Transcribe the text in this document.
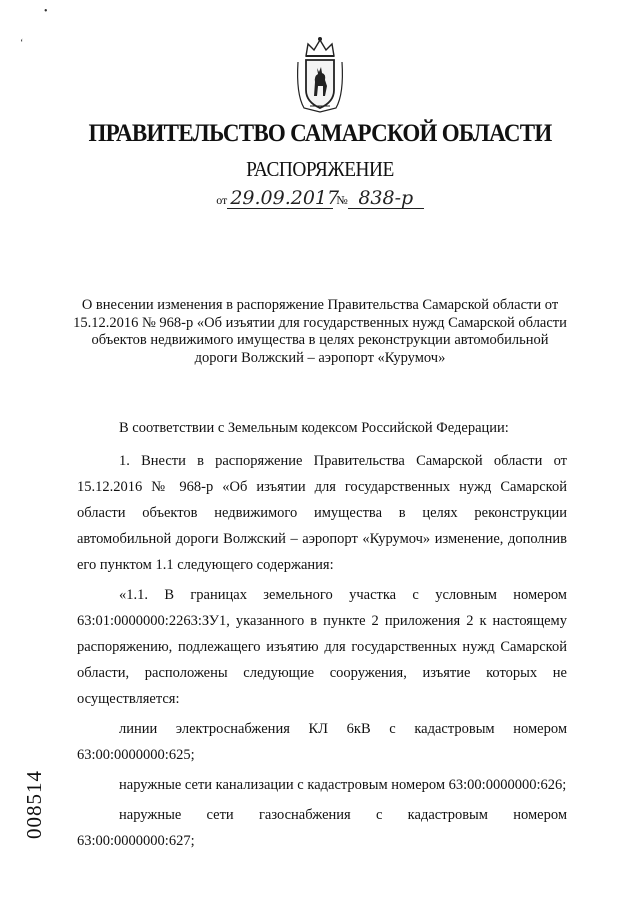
•
‘
ПРАВИТЕЛЬСТВО САМАРСКОЙ ОБЛАСТИ
РАСПОРЯЖЕНИЕ
от 29.09.2017 № 838-р
О внесении изменения в распоряжение Правительства Самарской области от 15.12.2016 № 968-р «Об изъятии для государственных нужд Самарской области объектов недвижимого имущества в целях реконструкции автомобильной дороги Волжский – аэропорт «Курумоч»
В соответствии с Земельным кодексом Российской Федерации:

1. Внести в распоряжение Правительства Самарской области от 15.12.2016 № 968-р «Об изъятии для государственных нужд Самарской области объектов недвижимого имущества в целях реконструкции автомобильной дороги Волжский – аэропорт «Курумоч» изменение, дополнив его пунктом 1.1 следующего содержания:

«1.1. В границах земельного участка с условным номером 63:01:0000000:2263:ЗУ1, указанного в пункте 2 приложения 2 к настоящему распоряжению, подлежащего изъятию для государственных нужд Самарской области, расположены следующие сооружения, изъятие которых не осуществляется:

линии электроснабжения КЛ 6кВ с кадастровым номером 63:00:0000000:625;

наружные сети канализации с кадастровым номером 63:00:0000000:626;

наружные сети газоснабжения с кадастровым номером 63:00:0000000:627;

008514
